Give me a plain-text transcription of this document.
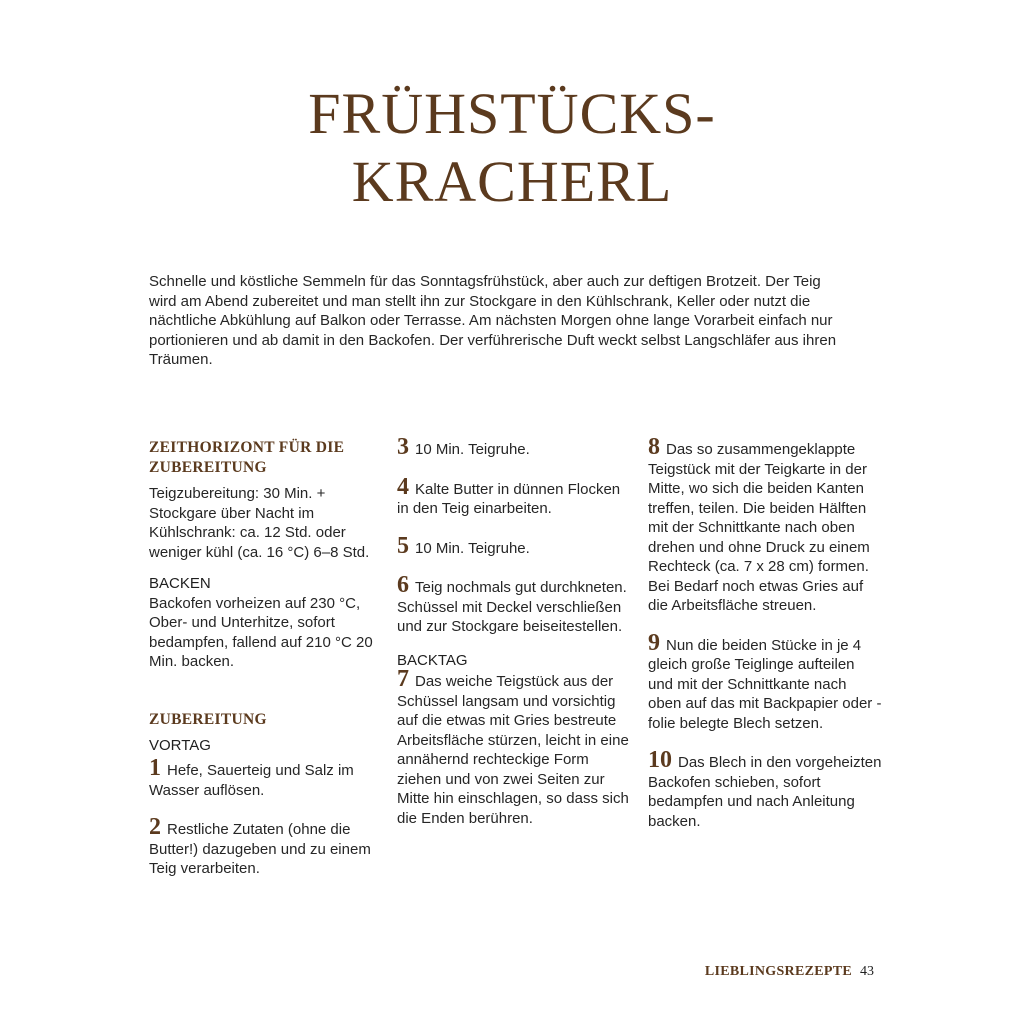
FRÜHSTÜCKS-
KRACHERL

Schnelle und köstliche Semmeln für das Sonntagsfrühstück, aber auch zur deftigen Brotzeit. Der Teig wird am Abend zubereitet und man stellt ihn zur Stockgare in den Kühlschrank, Keller oder nutzt die nächtliche Abkühlung auf Balkon oder Terrasse. Am nächsten Morgen ohne lange Vorarbeit einfach nur portionieren und ab damit in den Backofen. Der verführerische Duft weckt selbst Langschläfer aus ihren Träumen.

ZEITHORIZONT FÜR DIE ZUBEREITUNG

Teigzubereitung: 30 Min. + Stockgare über Nacht im Kühlschrank: ca. 12 Std. oder weniger kühl (ca. 16 °C) 6–8 Std.

BACKEN

Backofen vorheizen auf 230 °C, Ober- und Unterhitze, sofort bedampfen, fallend auf 210 °C 20 Min. backen.

ZUBEREITUNG

VORTAG

1 Hefe, Sauerteig und Salz im Wasser auflösen.

2 Restliche Zutaten (ohne die Butter!) dazugeben und zu einem Teig verarbeiten.

3 10 Min. Teigruhe.

4 Kalte Butter in dünnen Flocken in den Teig einarbeiten.

5 10 Min. Teigruhe.

6 Teig nochmals gut durchkneten. Schüssel mit Deckel verschließen und zur Stockgare beiseitestellen.

BACKTAG

7 Das weiche Teigstück aus der Schüssel langsam und vorsichtig auf die etwas mit Gries bestreute Arbeitsfläche stürzen, leicht in eine annähernd rechteckige Form ziehen und von zwei Seiten zur Mitte hin einschlagen, so dass sich die Enden berühren.

8 Das so zusammengeklappte Teigstück mit der Teigkarte in der Mitte, wo sich die beiden Kanten treffen, teilen. Die beiden Hälften mit der Schnittkante nach oben drehen und ohne Druck zu einem Rechteck (ca. 7 x 28 cm) formen. Bei Bedarf noch etwas Gries auf die Arbeitsfläche streuen.

9 Nun die beiden Stücke in je 4 gleich große Teiglinge aufteilen und mit der Schnittkante nach oben auf das mit Backpapier oder -folie belegte Blech setzen.

10 Das Blech in den vorgeheizten Backofen schieben, sofort bedampfen und nach Anleitung backen.

LIEBLINGSREZEPTE 43
